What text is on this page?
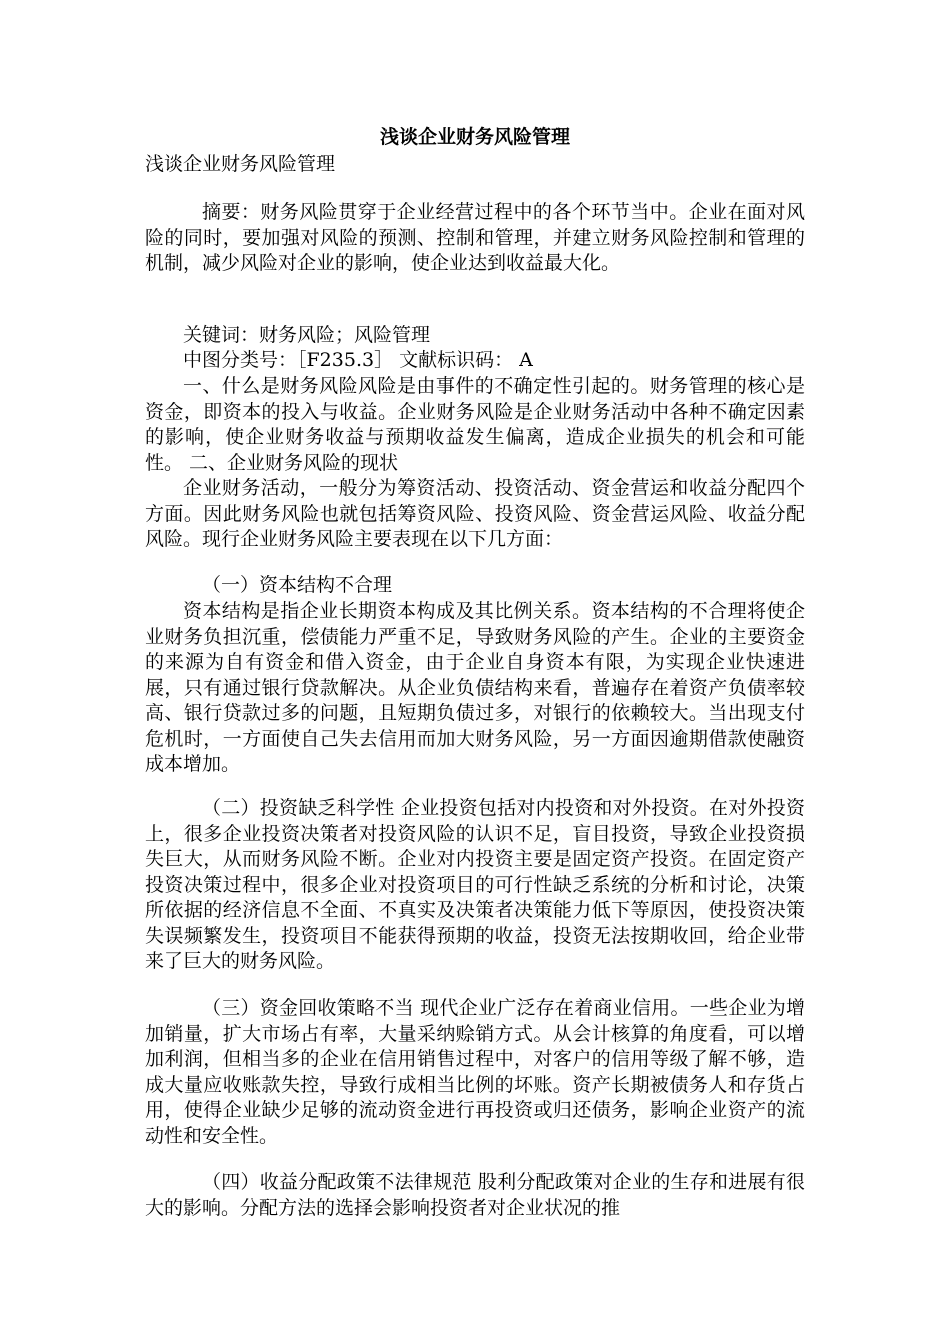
浅谈企业财务风险管理

浅谈企业财务风险管理

摘要：财务风险贯穿于企业经营过程中的各个环节当中。企业在面对风险的同时，要加强对风险的预测、控制和管理，并建立财务风险控制和管理的机制，减少风险对企业的影响，使企业达到收益最大化。

关键词：财务风险；风险管理

中图分类号：［F235.3］ 文献标识码： A

一、什么是财务风险风险是由事件的不确定性引起的。财务管理的核心是资金，即资本的投入与收益。企业财务风险是企业财务活动中各种不确定因素的影响，使企业财务收益与预期收益发生偏离，造成企业损失的机会和可能性。 二、企业财务风险的现状

企业财务活动，一般分为筹资活动、投资活动、资金营运和收益分配四个方面。因此财务风险也就包括筹资风险、投资风险、资金营运风险、收益分配风险。现行企业财务风险主要表现在以下几方面：

（一）资本结构不合理

资本结构是指企业长期资本构成及其比例关系。资本结构的不合理将使企业财务负担沉重，偿债能力严重不足，导致财务风险的产生。企业的主要资金的来源为自有资金和借入资金，由于企业自身资本有限，为实现企业快速进展，只有通过银行贷款解决。从企业负债结构来看，普遍存在着资产负债率较高、银行贷款过多的问题，且短期负债过多，对银行的依赖较大。当出现支付危机时，一方面使自己失去信用而加大财务风险，另一方面因逾期借款使融资成本增加。

（二）投资缺乏科学性 企业投资包括对内投资和对外投资。在对外投资上，很多企业投资决策者对投资风险的认识不足，盲目投资，导致企业投资损失巨大，从而财务风险不断。企业对内投资主要是固定资产投资。在固定资产投资决策过程中，很多企业对投资项目的可行性缺乏系统的分析和讨论，决策所依据的经济信息不全面、不真实及决策者决策能力低下等原因，使投资决策失误频繁发生，投资项目不能获得预期的收益，投资无法按期收回，给企业带来了巨大的财务风险。

（三）资金回收策略不当 现代企业广泛存在着商业信用。一些企业为增加销量，扩大市场占有率，大量采纳赊销方式。从会计核算的角度看，可以增加利润，但相当多的企业在信用销售过程中，对客户的信用等级了解不够，造成大量应收账款失控，导致行成相当比例的坏账。资产长期被债务人和存货占用，使得企业缺少足够的流动资金进行再投资或归还债务，影响企业资产的流动性和安全性。

（四）收益分配政策不法律规范 股利分配政策对企业的生存和进展有很大的影响。分配方法的选择会影响投资者对企业状况的推
